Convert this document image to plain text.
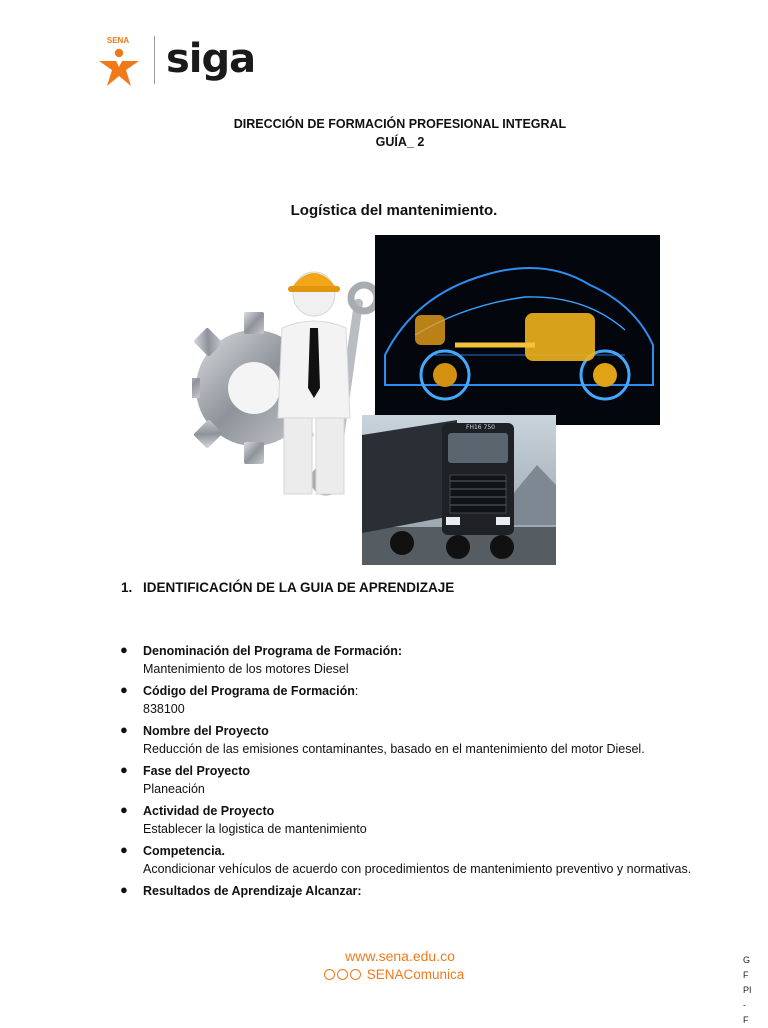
SENA siga
DIRECCIÓN DE FORMACIÓN PROFESIONAL INTEGRAL
GUÍA_ 2
Logística del mantenimiento.
FH16 750
1. IDENTIFICACIÓN DE LA GUIA DE APRENDIZAJE
● Denominación del Programa de Formación:
Mantenimiento de los motores Diesel
● Código del Programa de Formación:
838100
● Nombre del Proyecto
Reducción de las emisiones contaminantes, basado en el mantenimiento del motor Diesel.
● Fase del Proyecto
Planeación
● Actividad de Proyecto
Establecer la logistica de mantenimiento
● Competencia.
Acondicionar vehículos de acuerdo con procedimientos de mantenimiento preventivo y normativas.
● Resultados de Aprendizaje Alcanzar:
www.sena.edu.co
SENAComunica
G
F
PI
-
F
